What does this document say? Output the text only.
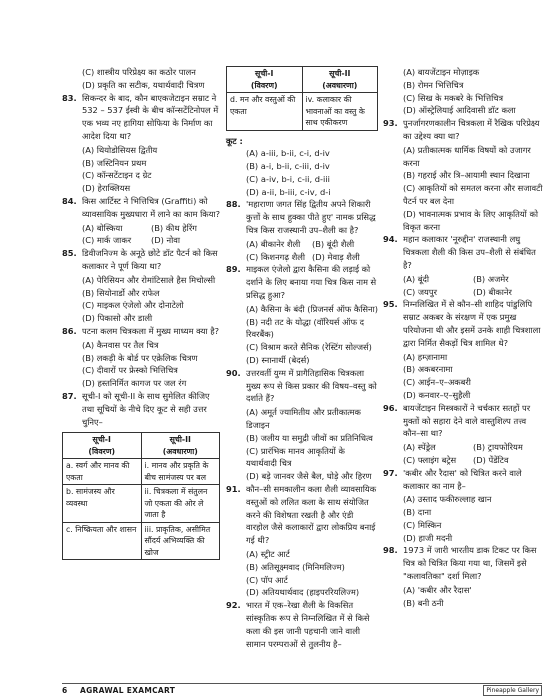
(C) शास्त्रीय परिप्रेक्ष्य का कठोर पालन
(D) प्रकृति का सटीक, यथार्थवादी चित्रण
83. सिकन्दर के बाद, कौन बाएकजेटाइन सम्राट ने 532 – 537 ईस्वी के बीच कॉन्सटेंटिनोपल में एक भव्य नए हागिया सोफिया के निर्माण का आदेश दिया था?
(A) थियोडोसियस द्वितीय
(B) जस्टिनियन प्रथम
(C) कॉन्सटेंटाइन द ग्रेट
(D) हेराक्लियस
84. किस आर्टिस्ट ने भित्तिचित्र (Graffiti) को व्यावसायिक मुख्यधारा में लाने का काम किया?
(A) बोस्किया	(B) कीथ हेरिंग
(C) मार्क जाकर	(D) नोवा
85. डिवीजनिज्म के अनूठे छोटे डॉट पैटर्न को किस कलाकार ने पूर्ण किया था?
(A) पेरिसियन और रोमांटिसाले हैस मिचोल्सी
(B) सियोनार्डो और राफेल
(C) माइकल एंजेलो और दोनाटेलो
(D) पिकासो और डाली
86. पटना कलम चित्रकला में मुख्य माध्यम क्या है?
(A) कैनवास पर तैल चित्र
(B) लकड़ी के बोर्ड पर एक्रेलिक चित्रण
(C) दीवारों पर फ्रेस्को भित्तिचित्र
(D) हस्तनिर्मित कागज पर जल रंग
87. सूची-I को सूची-II के साथ सुमेलित कीजिए तथा सूचियों के नीचे दिए कूट से सही उत्तर चुनिए–
सूची-I
(विवरण)	सूची-II
(अवधारणा)
a. स्वर्ग और मानव की एकता	i. मानव और प्रकृति के बीच सामंजस्य पर बल
b. सामंजस्य और व्यवस्था	ii. चित्रकला में संतुलन जो एकता की ओर ले जाता है
c. निष्क्रियता और शासन	iii. प्राकृतिक, असीमित सौंदर्य अभिव्यक्ति की खोज
सूची-I
(विवरण)	सूची-II
(अवधारणा)
d. मन और वस्तुओं की एकता	iv. कलाकार की भावनाओं का वस्तु के साथ एकीकरण
कूट :
(A) a-iii, b-ii, c-i, d-iv
(B) a-i, b-ii, c-iii, d-iv
(C) a-iv, b-i, c-ii, d-iii
(D) a-ii, b-iii, c-iv, d-i
88. 'महाराणा जगत सिंह द्वितीय अपने शिकारी कुत्तों के साथ हुक्का पीते हुए' नामक प्रसिद्ध चित्र किस राजस्थानी उप–शैली का है?
(A) बीकानेर शैली	(B) बूंदी शैली
(C) किशनगढ़ शैली (D) मेवाड़ शैली
89. माइकल एंजेलो द्वारा कैसिना की लड़ाई को दर्शाने के लिए बनाया गया चित्र किस नाम से प्रसिद्ध हुआ?
(A) कैसिना के बंदी (प्रिजनर्स ऑफ कैसिना)
(B) नदी तट के योद्धा (वॉरियर्स ऑफ द रिवरबैंक)
(C) विश्राम करते सैनिक (रेस्टिंग सोल्जर्स)
(D) स्नानार्थी (बेदर्स)
90. उत्तरवर्ती युग्म में प्रागैतिहासिक चित्रकला मुख्य रूप से किस प्रकार की विषय–वस्तु को दर्शाते हैं?
(A) अमूर्त ज्यामितीय और प्रतीकात्मक डिजाइन
(B) जलीय या समुद्री जीवों का प्रतिनिधित्व
(C) प्रारंभिक मानव आकृतियों के यथार्थवादी चित्र
(D) बड़े जानवर जैसे बैल, घोड़े और हिरण
91. कौन–सी समकालीन कला शैली व्यावसायिक वस्तुओं को ललित कला के साथ संयोजित करने की विशेषता रखती है और एंडी वारहोल जैसे कलाकारों द्वारा लोकप्रिय बनाई गई थी?
(A) स्ट्रीट आर्ट
(B) अतिसूक्ष्मवाद (मिनिमलिज्म)
(C) पॉप आर्ट
(D) अतियथार्थवाद (हाइपररियलिज्म)
92. भारत में एक–रेखा शैली के विकसित सांस्कृतिक रूप से निम्नलिखित में से किसे कला की इस जानी पहचानी जाने वाली सामान परम्पराओं से तुलनीय है–
(A) बायजेंटाइन मोज़ाइक
(B) रोमन भित्तिचित्र
(C) सिख के मकबरे के भित्तिचित्र
(D) ऑस्ट्रेलियाई आदिवासी डॉट कला
93. पुनर्जागरणकालीन चित्रकला में रैखिक परिप्रेक्ष्य का उद्देश्य क्या था?
(A) प्रतीकात्मक धार्मिक विषयों को उजागर करना
(B) गहराई और त्रि–आयामी स्थान दिखाना
(C) आकृतियों को समतल करना और सजावटी पैटर्न पर बल देना
(D) भावनात्मक प्रभाव के लिए आकृतियों को विकृत करना
94. महान कलाकार 'नूरुद्दीन' राजस्थानी लघु चित्रकला शैली की किस उप–शैली से संबंधित है?
(A) बूंदी	(B) अजमेर
(C) जयपुर	(D) बीकानेर
95. निम्नलिखित में से कौन–सी शाहिद पांडुलिपि सम्राट अकबर के संरक्षण में एक प्रमुख परियोजना थी और इसमें उनके शाही चित्रशाला द्वारा निर्मित सैकड़ों चित्र शामिल थे?
(A) हम्ज़ानामा
(B) अकबरनामा
(C) आईन–ए–अकबरी
(D) कनवार–ए–सुहैली
96. बायजेंटाइन मिस्त्रकारों ने चर्चकार सतहों पर मुक्तों को सहारा देने वाले वास्तुशिल्प तत्त्व कौन–सा था?
(A) स्पेंड्रेल	(B) ट्रायफोरियम
(C) फ्लाइंग बट्रेस	(D) पेंडेंटिव
97. 'कबीर और रैदास' को चित्रित करने वाले कलाकार का नाम है–
(A) उस्ताद फकीरुल्लाह खान
(B) दाना
(C) मिस्किन
(D) हाजी मदनी
98. 1973 में जारी भारतीय डाक टिकट पर किस चित्र को चित्रित किया गया था, जिसमें इसे "कलावतिका" दर्शा मिला?
(A) 'कबीर और रैदास'
(B) बनी ठनी
6 AGRAWAL EXAMCART	Pineapple Gallery
